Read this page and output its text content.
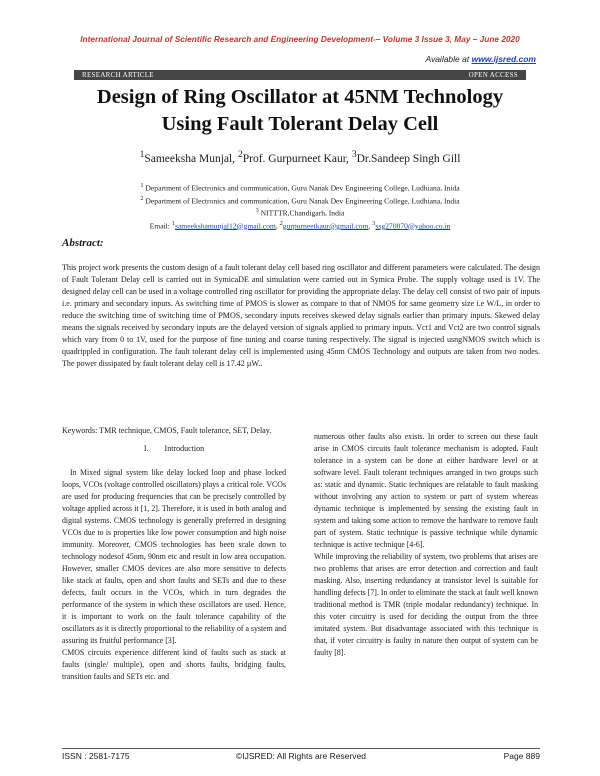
International Journal of Scientific Research and Engineering Development-– Volume 3 Issue 3, May – June 2020
Available at www.ijsred.com
RESEARCH ARTICLE	OPEN ACCESS
Design of Ring Oscillator at 45NM Technology
Using Fault Tolerant Delay Cell
$^1$Sameeksha Munjal, $^2$Prof. Gurpurneet Kaur, $^3$Dr.Sandeep Singh Gill
$^1$ Department of Electronics and communication, Guru Nanak Dev Engineering College, Ludhiana, Inida
$^2$ Department of Electronics and communication, Guru Nanak Dev Engineering College, Ludhiana, India
$^3$ NITTTR,Chandigarh, India
Email: $^1$sameekshamunjal12@gmail.com, $^2$gurpurneetkaur@gmail.com, $^3$ssg270870@yahoo.co.in
Abstract:
This project work presents the custom design of a fault tolerant delay cell based ring oscillator and different parameters were calculated. The design of Fault Tolerant Delay cell is carried out in SymicaDE and simulation were carried out in Symica Probe. The supply voltage used is 1V. The designed delay cell can be used in a voltage controlled ring oscillator for providing the appropriate delay. The delay cell consist of two pair of inputs i.e. primary and secondary inputs. As switching time of PMOS is slower as compare to that of NMOS for same geometry size i.e W/L, in order to reduce the switching time of switching time of PMOS, secondary inputs receives skewed delay signals earlier than primary inputs. Skewed delay means the signals received by secondary inputs are the delayed version of signals applied to primary inputs. Vct1 and Vct2 are two control signals which vary from 0 to 1V, used for the purpose of fine tuning and coarse tuning respectively. The signal is injected usngNMOS switch which is quadrippled in configuration. The fault tolerant delay cell is implemented using 45nm CMOS Technology and outputs are taken from two nodes. The power dissipated by fault tolerant delay cell is 17.42 µW..
Keywords: TMR technique, CMOS, Fault tolerance, SET, Delay.
I.        Introduction

In Mixed signal system like delay locked loop and phase locked loops, VCOs (voltage controlled oscillators) plays a critical role. VCOs are used for producing frequencies that can be precisely controlled by voltage applied across it [1, 2]. Therefore, it is used in both analog and digital systems. CMOS technology is generally preferred in designing VCOs due to is properties like low power consumption and high noise immunity. Moreover, CMOS technologies has been scale down to technology nodesof 45nm, 90nm etc and result in low area occupation. However, smaller CMOS devices are also more sensitive to defects like stack at faults, open and short faults and SETs and due to these defects, fault occurs in the VCOs, which in turn degrades the performance of the system in which these oscillators are used. Hence, it is important to work on the fault tolerance capability of the oscillators as it is directly proportional to the reliability of a system and assuring its fruitful performance [3].

CMOS circuits experience different kind of faults such as stack at faults (single/ multiple), open and shorts faults, bridging faults, transition faults and SETs etc. and

numerous other faults also exists. In order to screen out these fault arise in CMOS circuits fault tolerance mechanism is adopted. Fault tolerance in a system can be done at either hardware level or at software level. Fault tolerant techniques arranged in two groups such as: static and dynamic. Static techniques are relatable to fault masking without involving any action to system or part of system whereas dynamic technique is implemented by sensing the existing fault in system and taking some action to remove the hardware to remove fault part of system. Static technique is passive technique while dynamic technique is active technique [4-6].

While improving the reliability of system, two problems that arises are two problems that arises are error detection and correction and fault masking. Also, inserting redundancy at transistor level is suitable for handling defects [7]. In order to eliminate the stack at fault well known traditional method is TMR (triple modalar redundancy) technique. In this voter circuitry is used for deciding the output from the three imitated system. But disadvantage associated with this technique is that, if voter circuitry is faulty in nature then output of system can be faulty [8].

ISSN : 2581-7175	©IJSRED: All Rights are Reserved	Page 889
